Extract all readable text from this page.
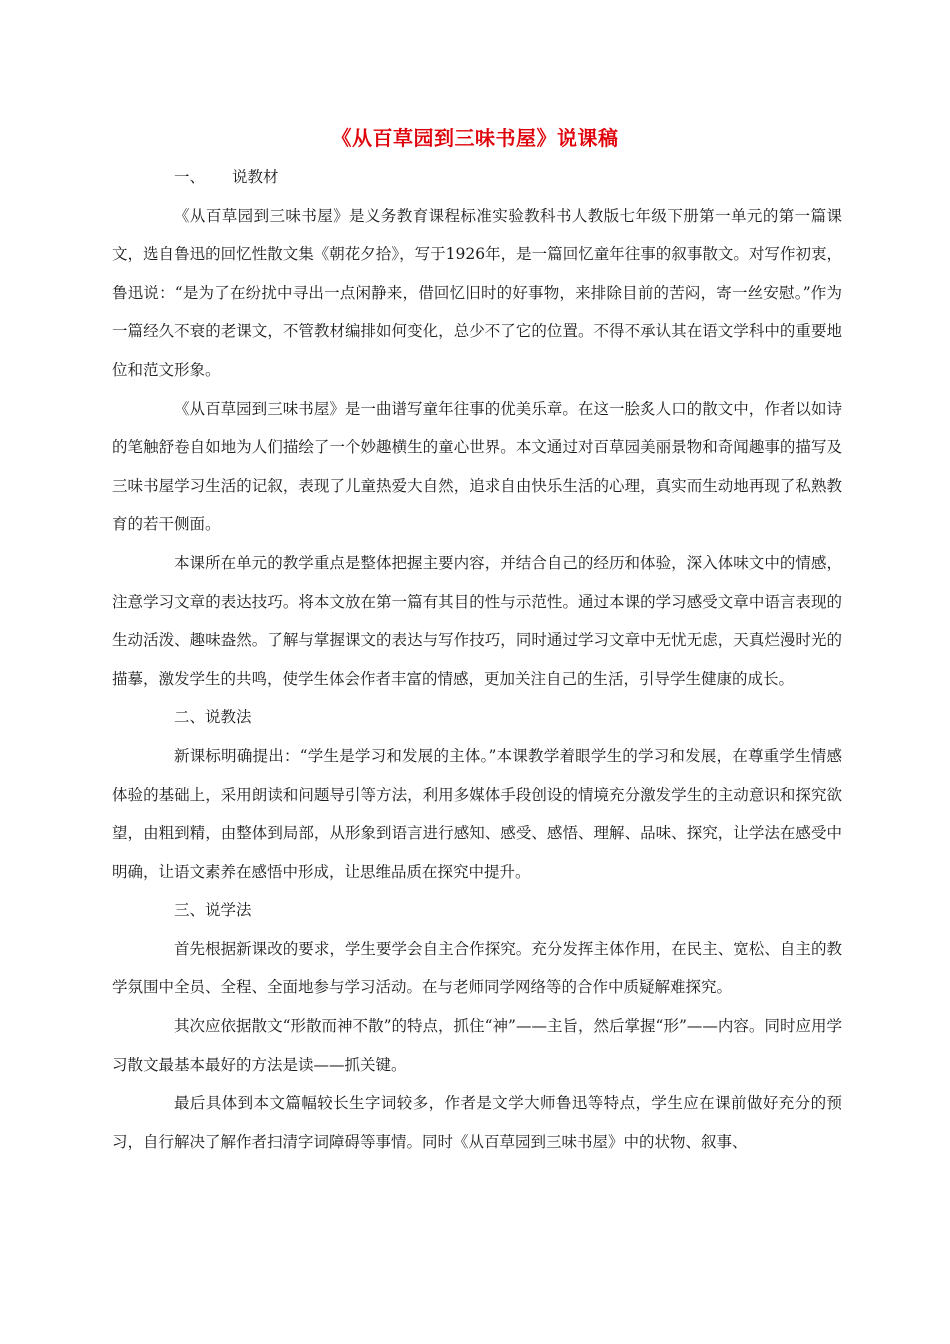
《从百草园到三味书屋》说课稿

一、 说教材

《从百草园到三味书屋》是义务教育课程标准实验教科书人教版七年级下册第一单元的第一篇课文，选自鲁迅的回忆性散文集《朝花夕拾》，写于1926年，是一篇回忆童年往事的叙事散文。对写作初衷，鲁迅说：“是为了在纷扰中寻出一点闲静来，借回忆旧时的好事物，来排除目前的苦闷，寄一丝安慰。”作为一篇经久不衰的老课文，不管教材编排如何变化，总少不了它的位置。不得不承认其在语文学科中的重要地位和范文形象。

《从百草园到三味书屋》是一曲谱写童年往事的优美乐章。在这一脍炙人口的散文中，作者以如诗的笔触舒卷自如地为人们描绘了一个妙趣横生的童心世界。本文通过对百草园美丽景物和奇闻趣事的描写及三味书屋学习生活的记叙，表现了儿童热爱大自然，追求自由快乐生活的心理，真实而生动地再现了私熟教育的若干侧面。

本课所在单元的教学重点是整体把握主要内容，并结合自己的经历和体验，深入体味文中的情感，注意学习文章的表达技巧。将本文放在第一篇有其目的性与示范性。通过本课的学习感受文章中语言表现的生动活泼、趣味盎然。了解与掌握课文的表达与写作技巧，同时通过学习文章中无忧无虑，天真烂漫时光的描摹，激发学生的共鸣，使学生体会作者丰富的情感，更加关注自己的生活，引导学生健康的成长。

二、说教法

新课标明确提出：“学生是学习和发展的主体。”本课教学着眼学生的学习和发展，在尊重学生情感体验的基础上，采用朗读和问题导引等方法，利用多媒体手段创设的情境充分激发学生的主动意识和探究欲望，由粗到精，由整体到局部，从形象到语言进行感知、感受、感悟、理解、品味、探究，让学法在感受中明确，让语文素养在感悟中形成，让思维品质在探究中提升。

三、说学法

首先根据新课改的要求，学生要学会自主合作探究。充分发挥主体作用，在民主、宽松、自主的教学氛围中全员、全程、全面地参与学习活动。在与老师同学网络等的合作中质疑解难探究。

其次应依据散文“形散而神不散”的特点，抓住“神”——主旨，然后掌握“形”——内容。同时应用学习散文最基本最好的方法是读——抓关键。

最后具体到本文篇幅较长生字词较多，作者是文学大师鲁迅等特点，学生应在课前做好充分的预习，自行解决了解作者扫清字词障碍等事情。同时《从百草园到三味书屋》中的状物、叙事、
